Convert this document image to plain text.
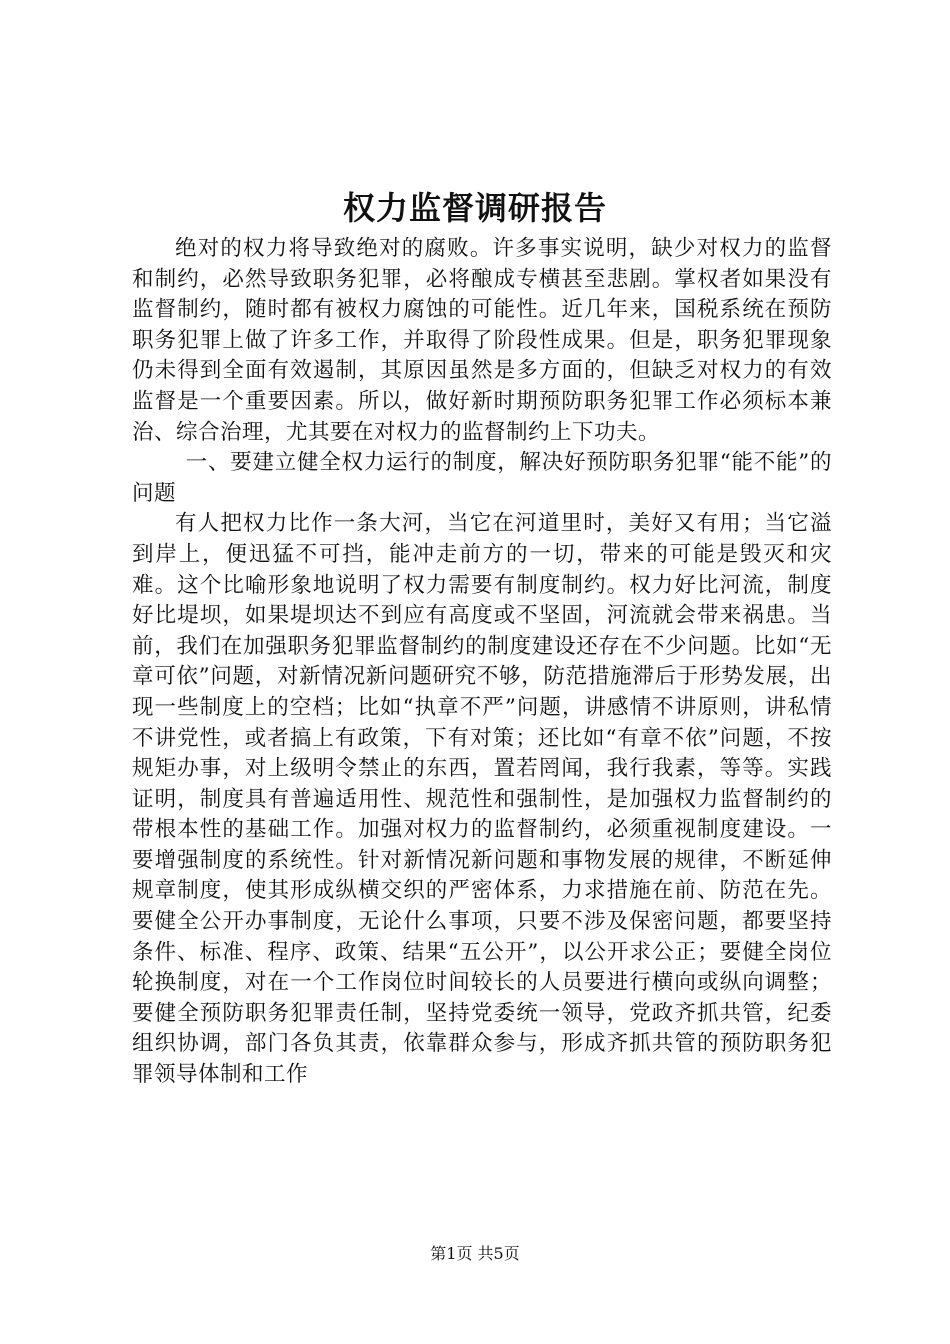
权力监督调研报告

绝对的权力将导致绝对的腐败。许多事实说明，缺少对权力的监督和制约，必然导致职务犯罪，必将酿成专横甚至悲剧。掌权者如果没有监督制约，随时都有被权力腐蚀的可能性。近几年来，国税系统在预防职务犯罪上做了许多工作，并取得了阶段性成果。但是，职务犯罪现象仍未得到全面有效遏制，其原因虽然是多方面的，但缺乏对权力的有效监督是一个重要因素。所以，做好新时期预防职务犯罪工作必须标本兼治、综合治理，尤其要在对权力的监督制约上下功夫。

一、要建立健全权力运行的制度，解决好预防职务犯罪“能不能”的问题

有人把权力比作一条大河，当它在河道里时，美好又有用；当它溢到岸上，便迅猛不可挡，能冲走前方的一切，带来的可能是毁灭和灾难。这个比喻形象地说明了权力需要有制度制约。权力好比河流，制度好比堤坝，如果堤坝达不到应有高度或不坚固，河流就会带来祸患。当前，我们在加强职务犯罪监督制约的制度建设还存在不少问题。比如“无章可依”问题，对新情况新问题研究不够，防范措施滞后于形势发展，出现一些制度上的空档；比如“执章不严”问题，讲感情不讲原则，讲私情不讲党性，或者搞上有政策，下有对策；还比如“有章不依”问题，不按规矩办事，对上级明令禁止的东西，置若罔闻，我行我素，等等。实践证明，制度具有普遍适用性、规范性和强制性，是加强权力监督制约的带根本性的基础工作。加强对权力的监督制约，必须重视制度建设。一要增强制度的系统性。针对新情况新问题和事物发展的规律，不断延伸规章制度，使其形成纵横交织的严密体系，力求措施在前、防范在先。要健全公开办事制度，无论什么事项，只要不涉及保密问题，都要坚持条件、标准、程序、政策、结果“五公开”，以公开求公正；要健全岗位轮换制度，对在一个工作岗位时间较长的人员要进行横向或纵向调整；要健全预防职务犯罪责任制，坚持党委统一领导，党政齐抓共管，纪委组织协调，部门各负其责，依靠群众参与，形成齐抓共管的预防职务犯罪领导体制和工作

第1页 共5页
